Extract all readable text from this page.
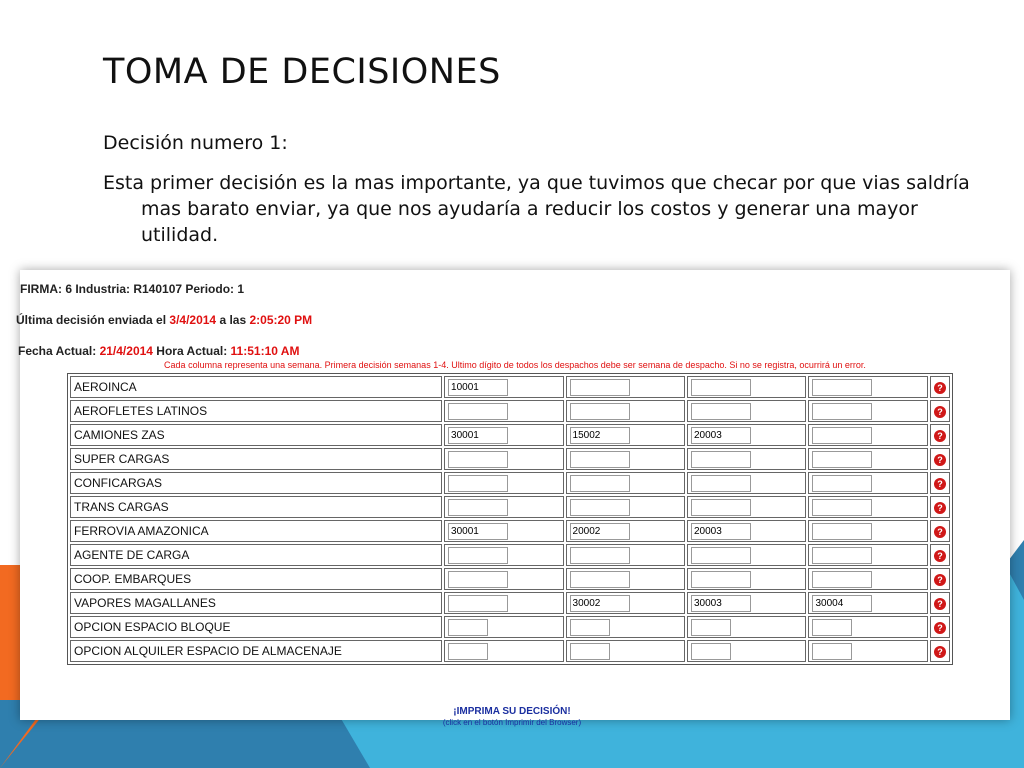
TOMA DE DECISIONES
Decisión numero 1:
Esta primer decisión es la mas importante, ya que tuvimos que checar por que vias saldría mas barato enviar, ya que nos ayudaría a reducir los costos y generar una mayor utilidad.
FIRMA: 6 Industria: R140107 Periodo: 1
Última decisión enviada el 3/4/2014 a las 2:05:20 PM
Fecha Actual: 21/4/2014 Hora Actual: 11:51:10 AM
Cada columna representa una semana. Primera decisión semanas 1-4. Ultimo dígito de todos los despachos debe ser semana de despacho. Si no se registra, ocurrirá un error.
AEROINCA	10001				?
AEROFLETES LATINOS					?
CAMIONES ZAS	30001	15002	20003		?
SUPER CARGAS					?
CONFICARGAS					?
TRANS CARGAS					?
FERROVIA AMAZONICA	30001	20002	20003		?
AGENTE DE CARGA					?
COOP. EMBARQUES					?
VAPORES MAGALLANES		30002	30003	30004	?
OPCION ESPACIO BLOQUE					?
OPCION ALQUILER ESPACIO DE ALMACENAJE					?
¡IMPRIMA SU DECISIÓN!
(click en el botón Imprimir del Browser)
